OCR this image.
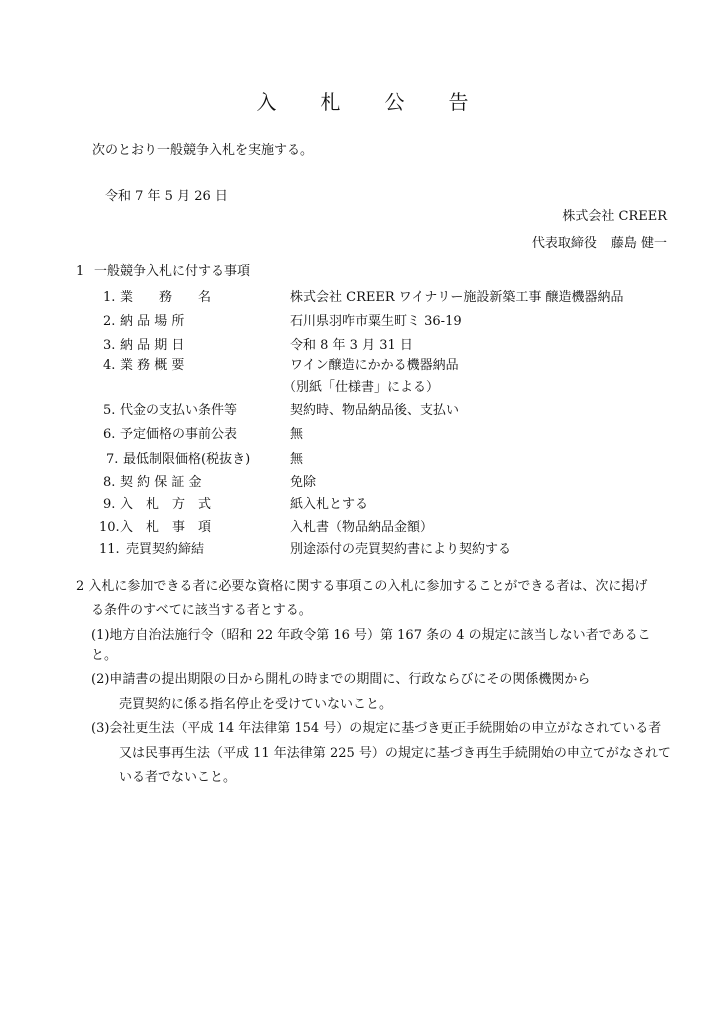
入 札 公 告
次のとおり一般競争入札を実施する。
令和 7 年 5 月 26 日
株式会社 CREER
代表取締役 藤島 健一
1 一般競争入札に付する事項
1. 業　　務　　名	株式会社 CREER ワイナリー施設新築工事 醸造機器納品
2. 納 品 場 所	石川県羽咋市粟生町ミ 36-19
3. 納 品 期 日	令和 8 年 3 月 31 日
4. 業 務 概 要	ワイン醸造にかかる機器納品
（別紙「仕様書」による）
5. 代金の支払い条件等	契約時、物品納品後、支払い
6. 予定価格の事前公表	無
7. 最低制限価格(税抜き)	無
8. 契 約 保 証 金	免除
9. 入　札　方　式	紙入札とする
10. 入　札　事　項	入札書（物品納品金額）
11. 売買契約締結	別途添付の売買契約書により契約する
2 入札に参加できる者に必要な資格に関する事項この入札に参加することができる者は、次に掲げ
る条件のすべてに該当する者とする。
(1)地方自治法施行令（昭和 22 年政令第 16 号）第 167 条の 4 の規定に該当しない者であるこ
と。
(2)申請書の提出期限の日から開札の時までの期間に、行政ならびにその関係機関から
売買契約に係る指名停止を受けていないこと。
(3)会社更生法（平成 14 年法律第 154 号）の規定に基づき更正手続開始の申立がなされている者
又は民事再生法（平成 11 年法律第 225 号）の規定に基づき再生手続開始の申立てがなされて
いる者でないこと。
